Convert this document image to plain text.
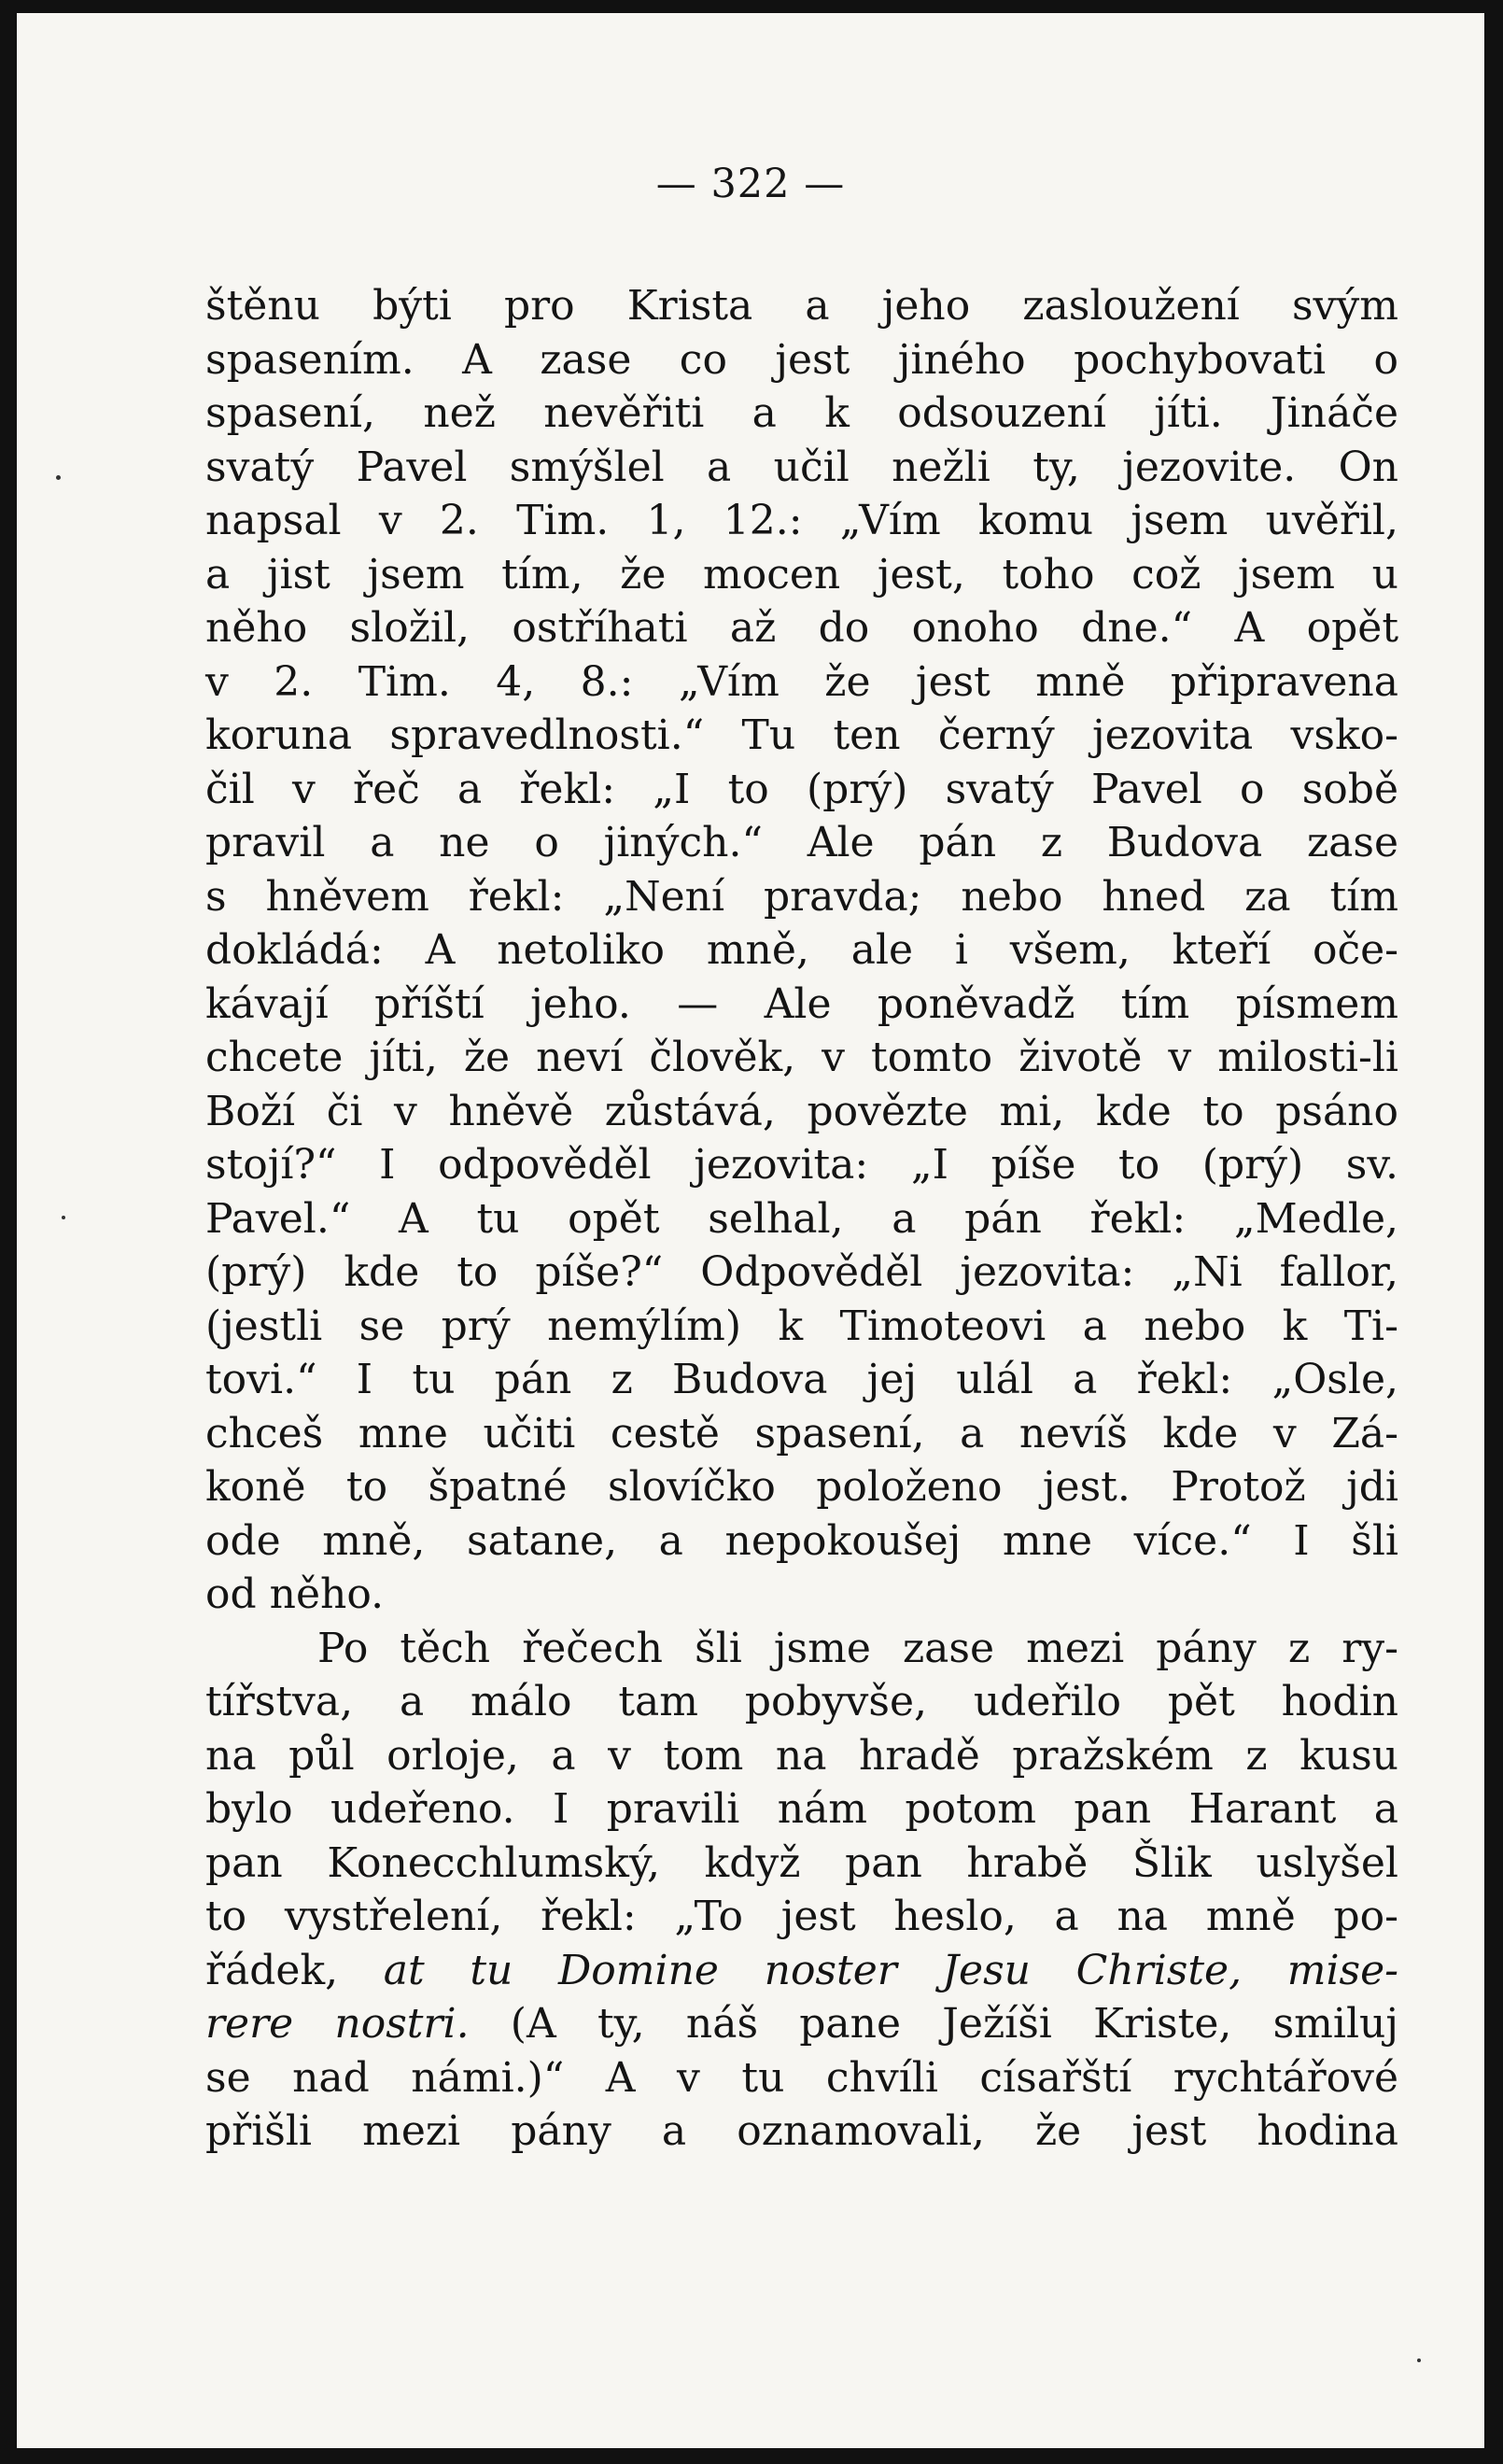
— 322 —
štěnu býti pro Krista a jeho zasloužení svým
spasením. A zase co jest jiného pochybovati o
spasení, než nevěřiti a k odsouzení jíti. Jináče
svatý Pavel smýšlel a učil nežli ty, jezovite. On
napsal v 2. Tim. 1, 12.: „Vím komu jsem uvěřil,
a jist jsem tím, že mocen jest, toho což jsem u
něho složil, ostříhati až do onoho dne.“ A opět
v 2. Tim. 4, 8.: „Vím že jest mně připravena
koruna spravedlnosti.“ Tu ten černý jezovita vsko-
čil v řeč a řekl: „I to (prý) svatý Pavel o sobě
pravil a ne o jiných.“ Ale pán z Budova zase
s hněvem řekl: „Není pravda; nebo hned za tím
dokládá: A netoliko mně, ale i všem, kteří oče-
kávají příští jeho. — Ale poněvadž tím písmem
chcete jíti, že neví člověk, v tomto životě v milosti-li
Boží či v hněvě zůstává, povězte mi, kde to psáno
stojí?“ I odpověděl jezovita: „I píše to (prý) sv.
Pavel.“ A tu opět selhal, a pán řekl: „Medle,
(prý) kde to píše?“ Odpověděl jezovita: „Ni fallor,
(jestli se prý nemýlím) k Timoteovi a nebo k Ti-
tovi.“ I tu pán z Budova jej ulál a řekl: „Osle,
chceš mne učiti cestě spasení, a nevíš kde v Zá-
koně to špatné slovíčko položeno jest. Protož jdi
ode mně, satane, a nepokoušej mne více.“ I šli
od něho.
Po těch řečech šli jsme zase mezi pány z ry-
tířstva, a málo tam pobyvše, udeřilo pět hodin
na půl orloje, a v tom na hradě pražském z kusu
bylo udeřeno. I pravili nám potom pan Harant a
pan Konecchlumský, když pan hrabě Šlik uslyšel
to vystřelení, řekl: „To jest heslo, a na mně po-
řádek, at tu Domine noster Jesu Christe, mise-
rere nostri. (A ty, náš pane Ježíši Kriste, smiluj
se nad námi.)“ A v tu chvíli císařští rychtářové
přišli mezi pány a oznamovali, že jest hodina
